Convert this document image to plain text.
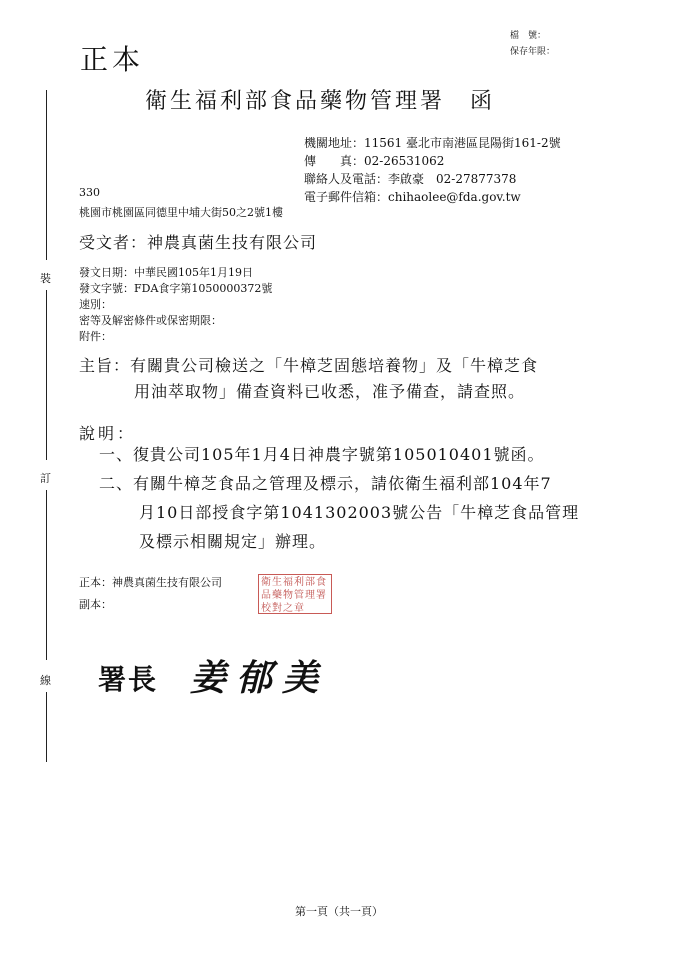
正本
檔　號：
保存年限：
衛生福利部食品藥物管理署　函
機關地址：11561 臺北市南港區昆陽街161-2號
傳　　真：02-26531062
聯絡人及電話：李啟豪　02-27877378
電子郵件信箱：chihaolee@fda.gov.tw
330
桃園市桃園區同德里中埔大街50之2號1樓
受文者：神農真菌生技有限公司
發文日期：中華民國105年1月19日
發文字號：FDA食字第1050000372號
速別：
密等及解密條件或保密期限：
附件：
主旨：有關貴公司檢送之「牛樟芝固態培養物」及「牛樟芝食
用油萃取物」備查資料已收悉，准予備查，請查照。
說明：
一、復貴公司105年1月4日神農字號第105010401號函。
二、有關牛樟芝食品之管理及標示，請依衛生福利部104年7
月10日部授食字第1041302003號公告「牛樟芝食品管理
及標示相關規定」辦理。
正本：神農真菌生技有限公司
副本：
衛生福利部食品藥物管理署校對之章
署長 姜郁美
裝
訂
線
第一頁（共一頁）
